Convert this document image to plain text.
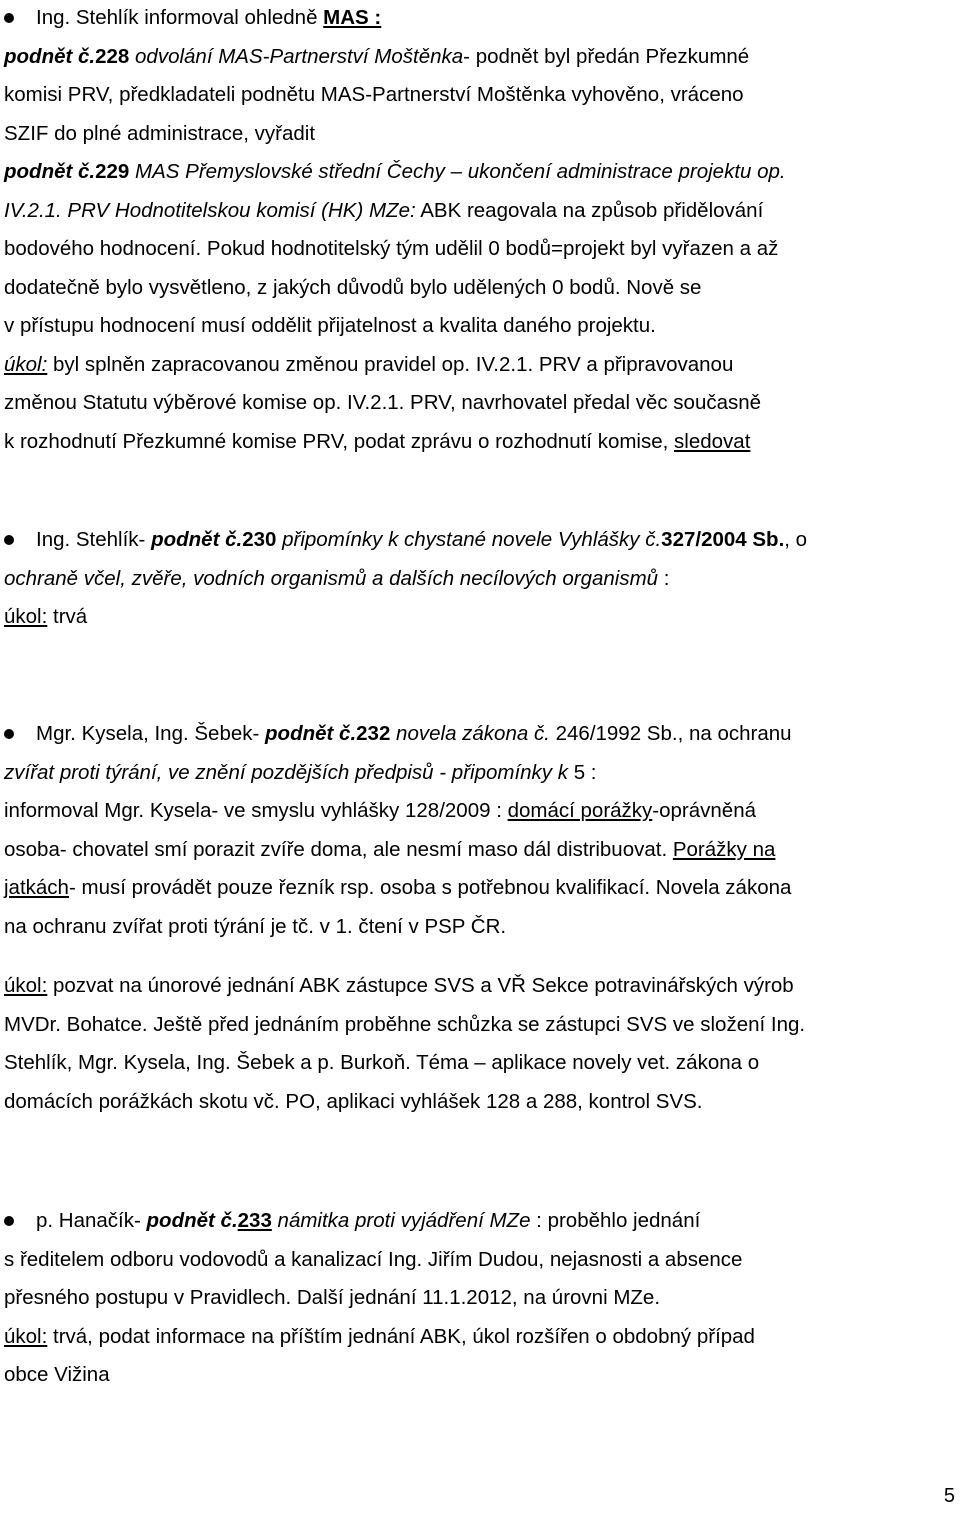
Ing. Stehlík informoval ohledně MAS :
podnět č.228 odvolání MAS-Partnerství Moštěnka- podnět byl předán Přezkumné
komisi PRV, předkladateli podnětu MAS-Partnerství Moštěnka vyhověno, vráceno
SZIF do plné administrace, vyřadit
podnět č.229 MAS Přemyslovské střední Čechy – ukončení administrace projektu op.
IV.2.1. PRV Hodnotitelskou komisí (HK) MZe: ABK reagovala na způsob přidělování
bodového hodnocení. Pokud hodnotitelský tým udělil 0 bodů=projekt byl vyřazen a až
dodatečně bylo vysvětleno, z jakých důvodů bylo udělených 0 bodů. Nově se
v přístupu hodnocení musí oddělit přijatelnost a kvalita daného projektu.
úkol: byl splněn zapracovanou změnou pravidel op. IV.2.1. PRV a připravovanou
změnou Statutu výběrové komise op. IV.2.1. PRV, navrhovatel předal věc současně
k rozhodnutí Přezkumné komise PRV, podat zprávu o rozhodnutí komise, sledovat
Ing. Stehlík- podnět č.230 připomínky k chystané novele Vyhlášky č.327/2004 Sb., o
ochraně včel, zvěře, vodních organismů a dalších necílových organismů :
úkol: trvá
Mgr. Kysela, Ing. Šebek- podnět č.232 novela zákona č. 246/1992 Sb., na ochranu
zvířat proti týrání, ve znění pozdějších předpisů - připomínky k 5 :
informoval Mgr. Kysela- ve smyslu vyhlášky 128/2009 : domácí porážky-oprávněná
osoba- chovatel smí porazit zvíře doma, ale nesmí maso dál distribuovat. Porážky na
jatkách- musí provádět pouze řezník rsp. osoba s potřebnou kvalifikací. Novela zákona
na ochranu zvířat proti týrání je tč. v 1. čtení v PSP ČR.
úkol: pozvat na únorové jednání ABK zástupce SVS a VŘ Sekce potravinářských výrob
MVDr. Bohatce. Ještě před jednáním proběhne schůzka se zástupci SVS ve složení Ing.
Stehlík, Mgr. Kysela, Ing. Šebek a p. Burkoň. Téma – aplikace novely vet. zákona o
domácích porážkách skotu vč. PO, aplikaci vyhlášek 128 a 288, kontrol SVS.
p. Hanačík- podnět č.233 námitka proti vyjádření MZe : proběhlo jednání
s ředitelem odboru vodovodů a kanalizací Ing. Jiřím Dudou, nejasnosti a absence
přesného postupu v Pravidlech. Další jednání 11.1.2012, na úrovni MZe.
úkol: trvá, podat informace na příštím jednání ABK, úkol rozšířen o obdobný případ
obce Vižina
5
